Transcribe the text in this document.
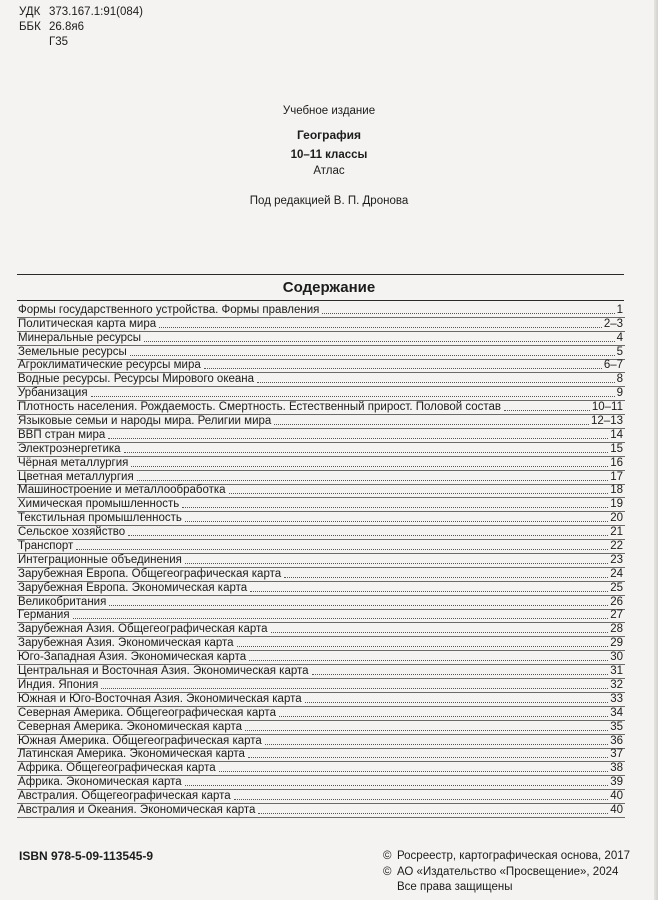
УДК 373.167.1:91(084)
ББК 26.8я6
Г35

Учебное издание

География

10–11 классы

Атлас

Под редакцией В. П. Дронова

Содержание
Формы государственного устройства. Формы правления	1
Политическая карта мира	2–3
Минеральные ресурсы	4
Земельные ресурсы	5
Агроклиматические ресурсы мира	6–7
Водные ресурсы. Ресурсы Мирового океана	8
Урбанизация	9
Плотность населения. Рождаемость. Смертность. Естественный прирост. Половой состав	10–11
Языковые семьи и народы мира. Религии мира	12–13
ВВП стран мира	14
Электроэнергетика	15
Чёрная металлургия	16
Цветная металлургия	17
Машиностроение и металлообработка	18
Химическая промышленность	19
Текстильная промышленность	20
Сельское хозяйство	21
Транспорт	22
Интеграционные объединения	23
Зарубежная Европа. Общегеографическая карта	24
Зарубежная Европа. Экономическая карта	25
Великобритания	26
Германия	27
Зарубежная Азия. Общегеографическая карта	28
Зарубежная Азия. Экономическая карта	29
Юго-Западная Азия. Экономическая карта	30
Центральная и Восточная Азия. Экономическая карта	31
Индия. Япония	32
Южная и Юго-Восточная Азия. Экономическая карта	33
Северная Америка. Общегеографическая карта	34
Северная Америка. Экономическая карта	35
Южная Америка. Общегеографическая карта	36
Латинская Америка. Экономическая карта	37
Африка. Общегеографическая карта	38
Африка. Экономическая карта	39
Австралия. Общегеографическая карта	40
Австралия и Океания. Экономическая карта	40
ISBN 978-5-09-113545-9	© Росреестр, картографическая основа, 2017
© АО «Издательство «Просвещение», 2024
Все права защищены
